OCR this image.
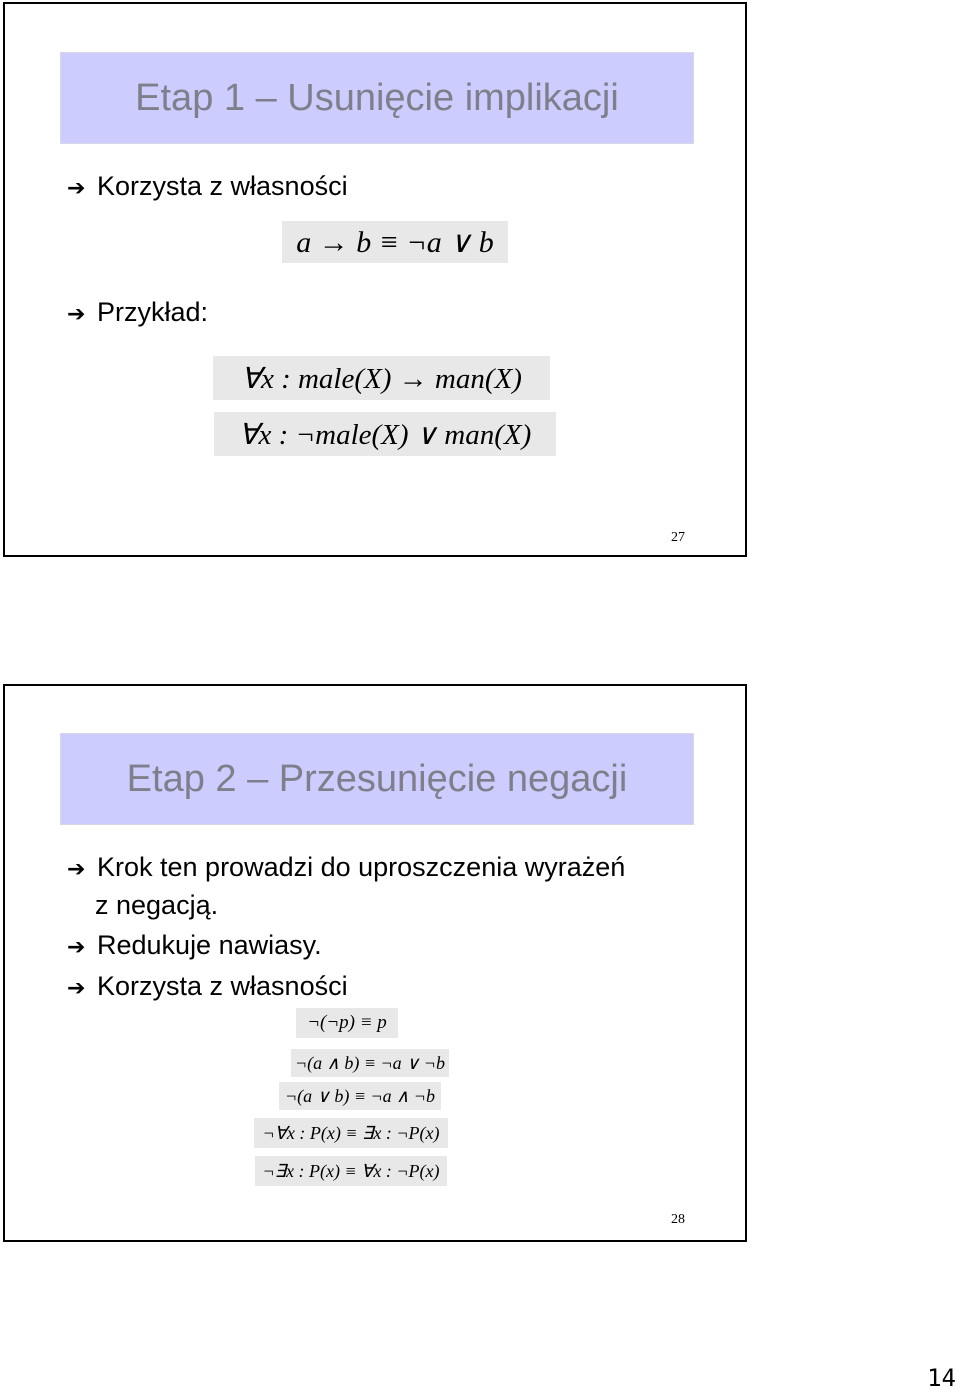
Etap 1 – Usunięcie implikacji
➔ Korzysta z własności
a → b ≡ ¬a ∨ b
➔ Przykład:
∀x : male(X) → man(X)
∀x : ¬male(X) ∨ man(X)
27
Etap 2 – Przesunięcie negacji
➔ Krok ten prowadzi do uproszczenia wyrażeń
z negacją.
➔ Redukuje nawiasy.
➔ Korzysta z własności
¬(¬p) ≡ p
¬(a ∧ b) ≡ ¬a ∨ ¬b
¬(a ∨ b) ≡ ¬a ∧ ¬b
¬∀x : P(x) ≡ ∃x : ¬P(x)
¬∃x : P(x) ≡ ∀x : ¬P(x)
28
14
